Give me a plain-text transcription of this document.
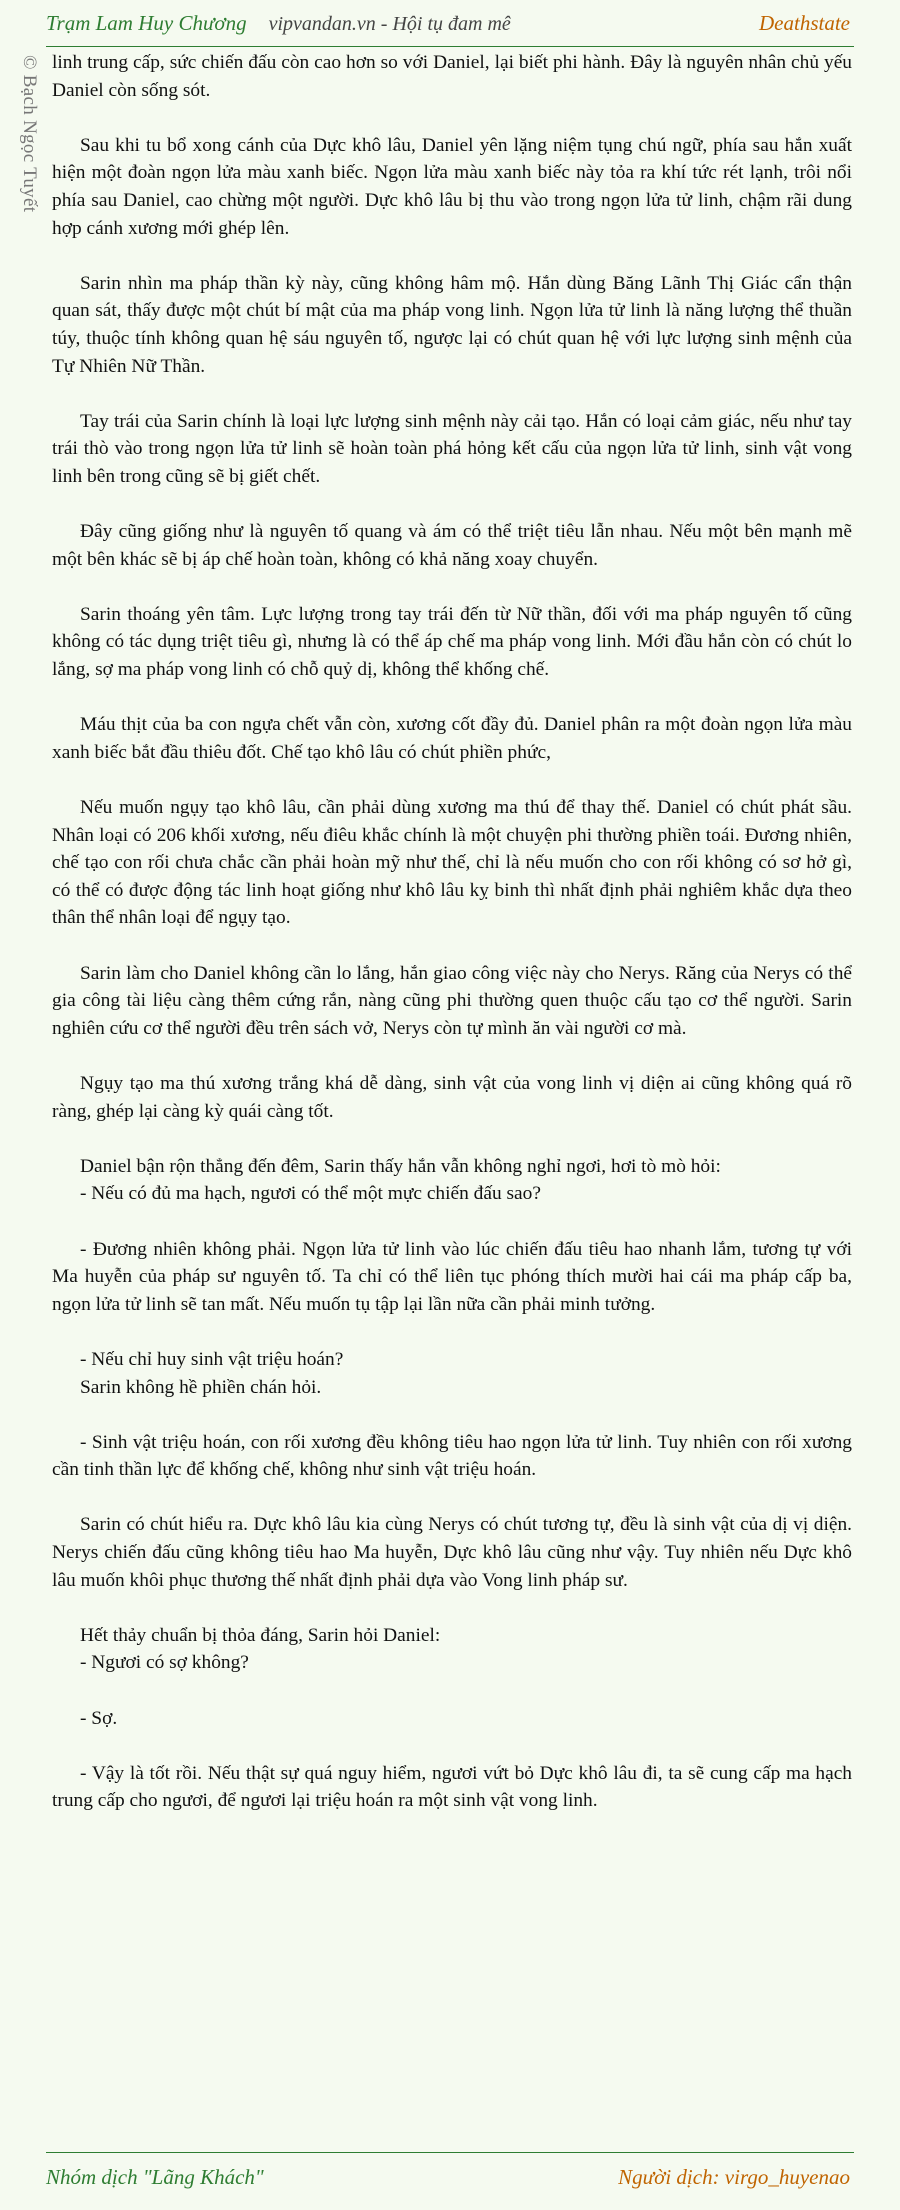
Trạm Lam Huy Chương vipvandan.vn - Hội tụ đam mê	Deathstate
© Bạch Ngọc Tuyết linh trung cấp, sức chiến đấu còn cao hơn so với Daniel, lại biết phi hành. Đây là nguyên nhân chủ yếu Daniel còn sống sót.

Sau khi tu bổ xong cánh của Dực khô lâu, Daniel yên lặng niệm tụng chú ngữ, phía sau hắn xuất hiện một đoàn ngọn lửa màu xanh biếc. Ngọn lửa màu xanh biếc này tỏa ra khí tức rét lạnh, trôi nổi phía sau Daniel, cao chừng một người. Dực khô lâu bị thu vào trong ngọn lửa tử linh, chậm rãi dung hợp cánh xương mới ghép lên.

Sarin nhìn ma pháp thần kỳ này, cũng không hâm mộ. Hắn dùng Băng Lãnh Thị Giác cẩn thận quan sát, thấy được một chút bí mật của ma pháp vong linh. Ngọn lửa tử linh là năng lượng thể thuần túy, thuộc tính không quan hệ sáu nguyên tố, ngược lại có chút quan hệ với lực lượng sinh mệnh của Tự Nhiên Nữ Thần.

Tay trái của Sarin chính là loại lực lượng sinh mệnh này cải tạo. Hắn có loại cảm giác, nếu như tay trái thò vào trong ngọn lửa tử linh sẽ hoàn toàn phá hỏng kết cấu của ngọn lửa tử linh, sinh vật vong linh bên trong cũng sẽ bị giết chết.

Đây cũng giống như là nguyên tố quang và ám có thể triệt tiêu lẫn nhau. Nếu một bên mạnh mẽ một bên khác sẽ bị áp chế hoàn toàn, không có khả năng xoay chuyển.

Sarin thoáng yên tâm. Lực lượng trong tay trái đến từ Nữ thần, đối với ma pháp nguyên tố cũng không có tác dụng triệt tiêu gì, nhưng là có thể áp chế ma pháp vong linh. Mới đầu hắn còn có chút lo lắng, sợ ma pháp vong linh có chỗ quỷ dị, không thể khống chế.

Máu thịt của ba con ngựa chết vẫn còn, xương cốt đầy đủ. Daniel phân ra một đoàn ngọn lửa màu xanh biếc bắt đầu thiêu đốt. Chế tạo khô lâu có chút phiền phức,

Nếu muốn ngụy tạo khô lâu, cần phải dùng xương ma thú để thay thế. Daniel có chút phát sầu. Nhân loại có 206 khối xương, nếu điêu khắc chính là một chuyện phi thường phiền toái. Đương nhiên, chế tạo con rối chưa chắc cần phải hoàn mỹ như thế, chỉ là nếu muốn cho con rối không có sơ hở gì, có thể có được động tác linh hoạt giống như khô lâu kỵ binh thì nhất định phải nghiêm khắc dựa theo thân thể nhân loại để ngụy tạo.

Sarin làm cho Daniel không cần lo lắng, hắn giao công việc này cho Nerys. Răng của Nerys có thể gia công tài liệu càng thêm cứng rắn, nàng cũng phi thường quen thuộc cấu tạo cơ thể người. Sarin nghiên cứu cơ thể người đều trên sách vở, Nerys còn tự mình ăn vài người cơ mà.

Ngụy tạo ma thú xương trắng khá dễ dàng, sinh vật của vong linh vị diện ai cũng không quá rõ ràng, ghép lại càng kỳ quái càng tốt.

Daniel bận rộn thẳng đến đêm, Sarin thấy hắn vẫn không nghỉ ngơi, hơi tò mò hỏi:

- Nếu có đủ ma hạch, ngươi có thể một mực chiến đấu sao?

- Đương nhiên không phải. Ngọn lửa tử linh vào lúc chiến đấu tiêu hao nhanh lắm, tương tự với Ma huyễn của pháp sư nguyên tố. Ta chỉ có thể liên tục phóng thích mười hai cái ma pháp cấp ba, ngọn lửa tử linh sẽ tan mất. Nếu muốn tụ tập lại lần nữa cần phải minh tưởng.

- Nếu chỉ huy sinh vật triệu hoán?

Sarin không hề phiền chán hỏi.

- Sinh vật triệu hoán, con rối xương đều không tiêu hao ngọn lửa tử linh. Tuy nhiên con rối xương cần tinh thần lực để khống chế, không như sinh vật triệu hoán.

Sarin có chút hiểu ra. Dực khô lâu kia cùng Nerys có chút tương tự, đều là sinh vật của dị vị diện. Nerys chiến đấu cũng không tiêu hao Ma huyễn, Dực khô lâu cũng như vậy. Tuy nhiên nếu Dực khô lâu muốn khôi phục thương thế nhất định phải dựa vào Vong linh pháp sư.

Hết thảy chuẩn bị thỏa đáng, Sarin hỏi Daniel:

- Ngươi có sợ không?

- Sợ.

- Vậy là tốt rồi. Nếu thật sự quá nguy hiểm, ngươi vứt bỏ Dực khô lâu đi, ta sẽ cung cấp ma hạch trung cấp cho ngươi, để ngươi lại triệu hoán ra một sinh vật vong linh.

Nhóm dịch "Lãng Khách"	Người dịch: virgo_huyenao
